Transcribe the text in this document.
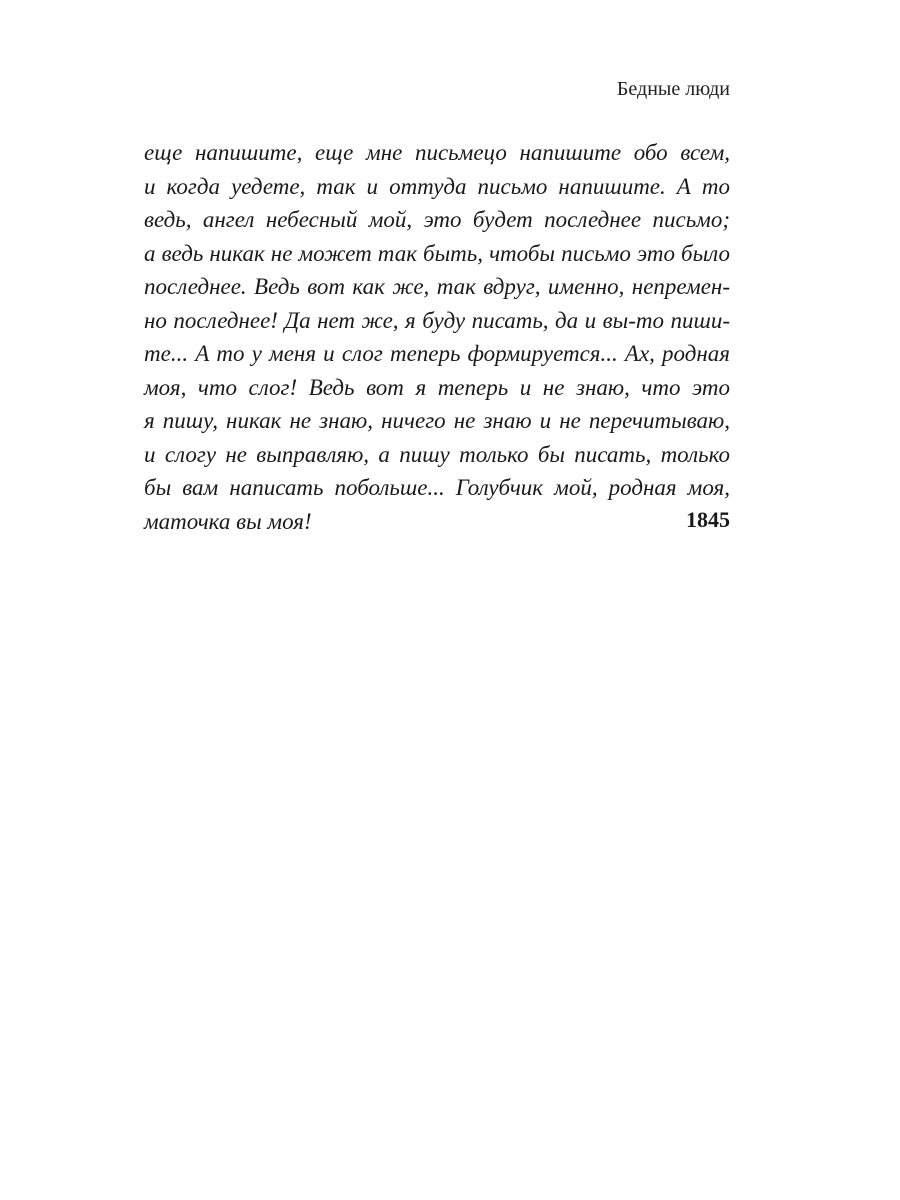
Бедные люди
еще напишите, еще мне письмецо напишите обо всем,
и когда уедете, так и оттуда письмо напишите. А то
ведь, ангел небесный мой, это будет последнее письмо;
а ведь никак не может так быть, чтобы письмо это было
последнее. Ведь вот как же, так вдруг, именно, непремен-
но последнее! Да нет же, я буду писать, да и вы-то пиши-
те... А то у меня и слог теперь формируется... Ах, родная
моя, что слог! Ведь вот я теперь и не знаю, что это
я пишу, никак не знаю, ничего не знаю и не перечитываю,
и слогу не выправляю, а пишу только бы писать, только
бы вам написать побольше... Голубчик мой, родная моя,
маточка вы моя!	1845
